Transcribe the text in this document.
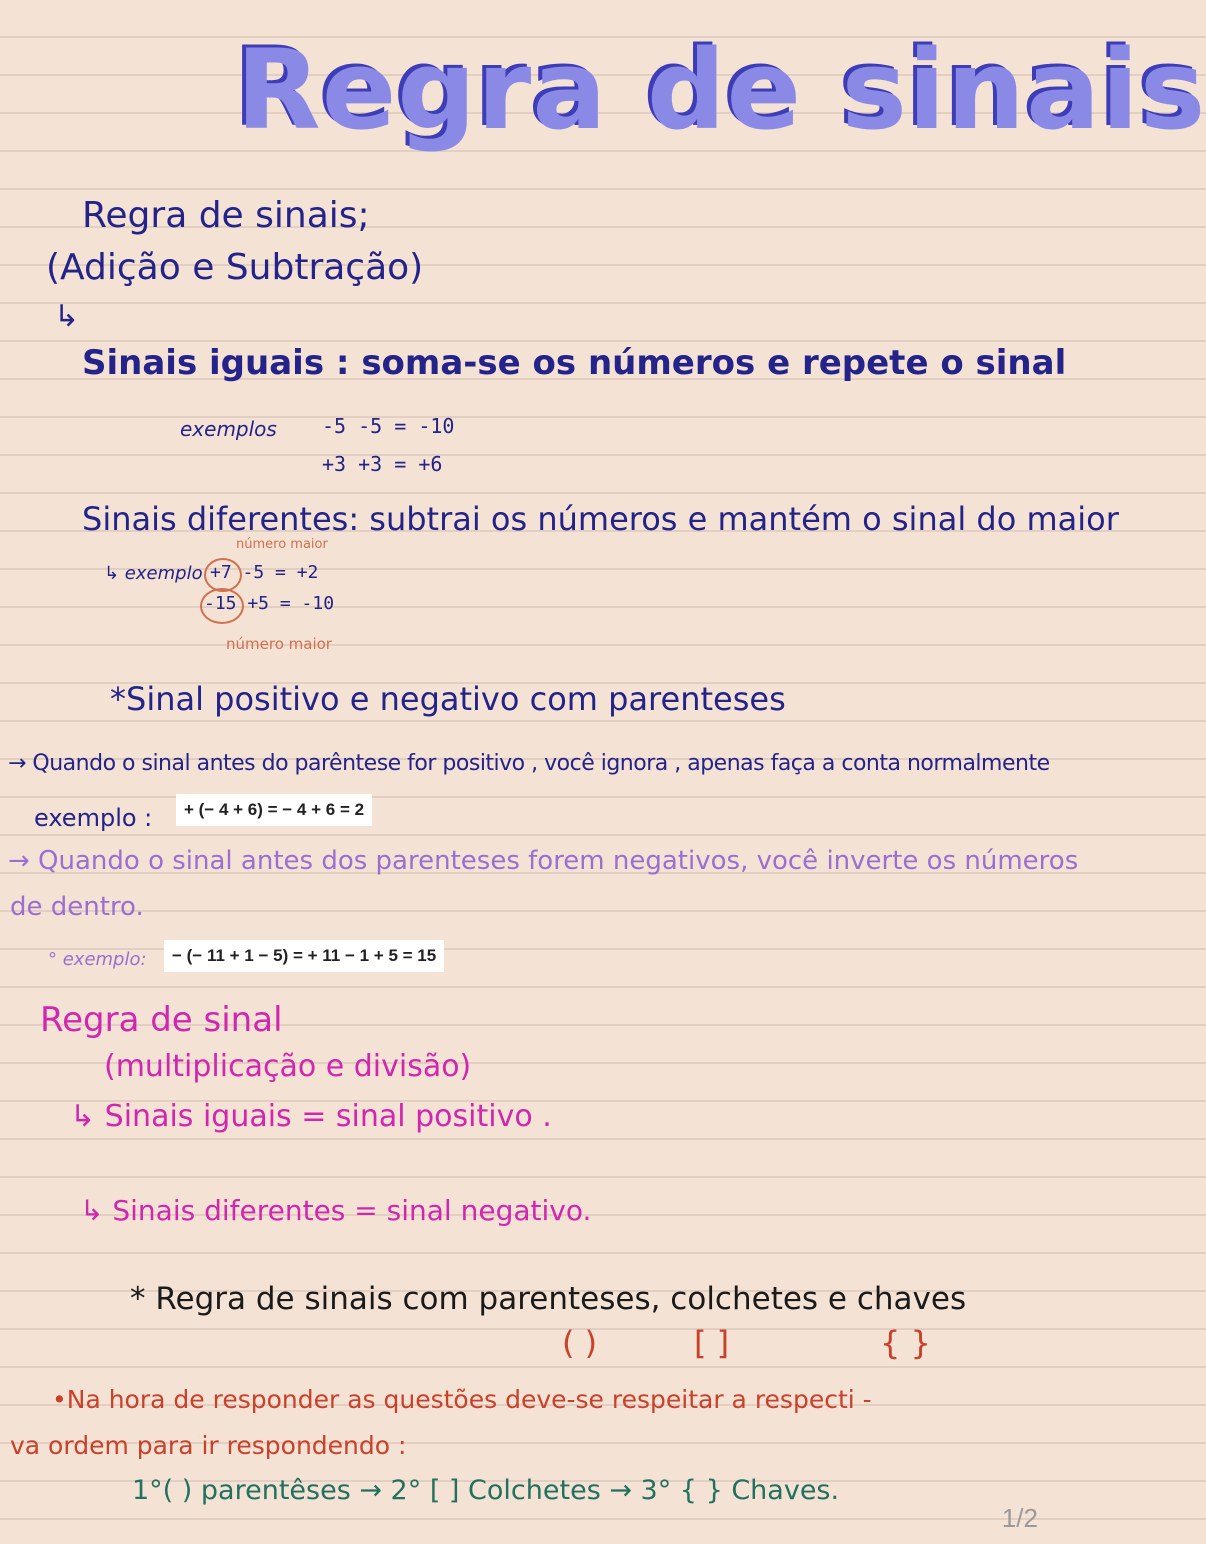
Regra de sinais
Regra de sinais;
(Adição e Subtração)
↳
Sinais iguais : soma-se os números e repete o sinal
exemplos -5 -5 = -10
+3 +3 = +6
Sinais diferentes: subtrai os números e mantém o sinal do maior
número maior
↳ exemplo +7 -5 = +2
-15 +5 = -10
número maior
*Sinal positivo e negativo com parenteses
→ Quando o sinal antes do parêntese for positivo , você ignora , apenas faça a conta normalmente
exemplo :	+ (− 4 + 6) = − 4 + 6 = 2
→ Quando o sinal antes dos parenteses forem negativos, você inverte os números
de dentro.
° exemplo:	− (− 11 + 1 − 5) = + 11 − 1 + 5 = 15
Regra de sinal
(multiplicação e divisão)
↳ Sinais iguais = sinal positivo .
↳ Sinais diferentes = sinal negativo.
* Regra de sinais com parenteses, colchetes e chaves
( )	[ ]	{ }
•Na hora de responder as questões deve-se respeitar a respecti -
va ordem para ir respondendo :
1°( ) parentêses → 2° [ ] Colchetes → 3° { } Chaves.
1/2
